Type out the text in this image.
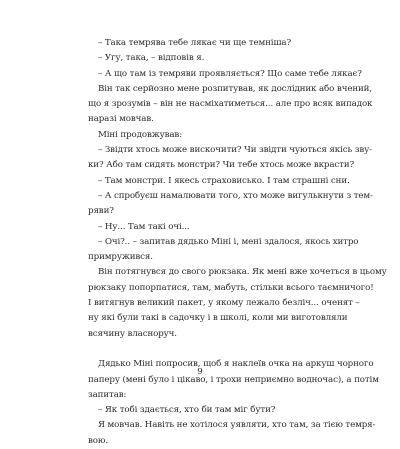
– Така темрява тебе лякає чи ще темніша?
– Угу, така, – відповів я.
– А що там із темряви проявляється? Що саме тебе лякає?
Він так серйозно мене розпитував, як дослідник або вчений,
що я зрозумів – він не насміхатиметься... але про всяк випадок
наразі мовчав.
Міні продовжував:
– Звідти хтось може вискочити? Чи звідти чуються якісь зву-
ки? Або там сидять монстри? Чи тебе хтось може вкрасти?
– Там монстри. І якесь страховисько. І там страшні сни.
– А спробуєш намалювати того, хто може вигулькнути з тем-
ряви?
– Ну... Там такі очі...
– Очі?.. – запитав дядько Міні і, мені здалося, якось хитро
примружився.
Він потягнувся до свого рюкзака. Як мені вже хочеться в цьому
рюкзаку попорпатися, там, мабуть, стільки всього таємничого!
І витягнув великий пакет, у якому лежало безліч... оченят –
ну які були такі в садочку і в школі, коли ми виготовляли
всячину власноруч.
Дядько Міні попросив, щоб я наклеїв очка на аркуш чорного
паперу (мені було і цікаво, і трохи неприємно водночас), а потім
запитав:
– Як тобі здається, хто би там міг бути?
Я мовчав. Навіть не хотілося уявляти, хто там, за тією темря-
вою.
9
